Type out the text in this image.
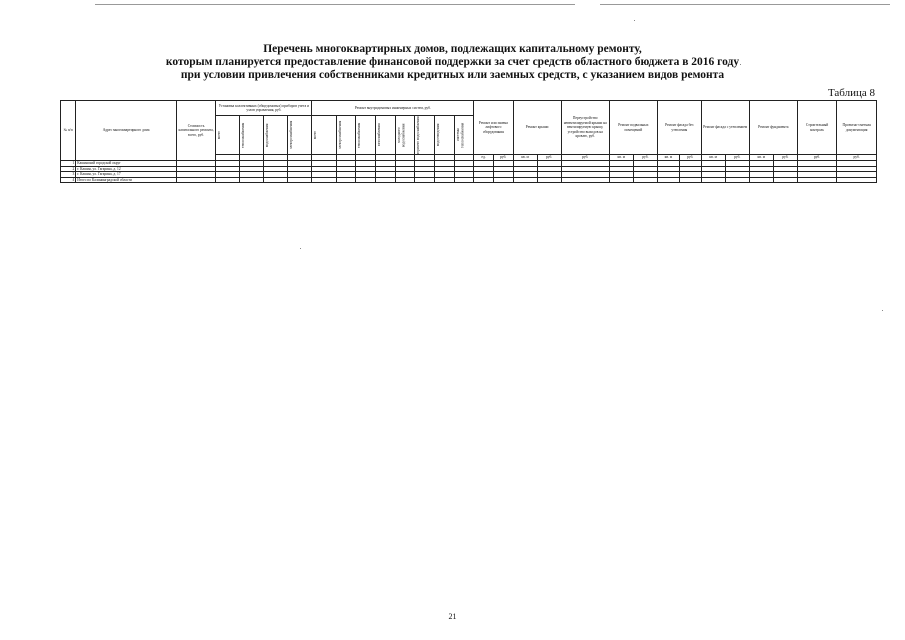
Перечень многоквартирных домов, подлежащих капитальному ремонту,
которым планируется предоставление финансовой поддержки за счет средств областного бюджета в 2016 году
при условии привлечения собственниками кредитных или заемных средств, с указанием видов ремонта
Таблица 8
№ п/п	Адрес многоквартирного дома	Стоимость капитального ремонта, всего, руб.	Установка коллективных (общедомовых) приборов учета и узлов управления, руб.				Ремонт внутридомовых инженерных систем, руб.								Ремонт или замена лифтового оборудования		Ремонт крыши		Переустройство невентилируемой крыши на вентилируемую крышу, устройство выходов на кровлю, руб.	Ремонт подвальных помещений		Ремонт фасада без утепления		Ремонт фасада с утеплением		Ремонт фундамента		Строительный контроль	Проектно-сметная документация

			всего	теплоснабжения	водоснабжения	электроснабжения	всего	электроснабжения	теплоснабжения	газоснабжения	холодного водоснабжения	горячего водоснабжения	водоотведения	системы теплоснабжения															

															ед.	руб.	кв. м	руб.	руб.	кв. м	руб.	кв. м	руб.	кв. м	руб.	кв. м	руб.	руб.	руб.
1	Кашинский городской округ																												
2	г. Кашин, ул. Гагарина, д. 12																												
3	г. Кашин, ул. Гагарина, д. 17																												
4	Итого по Калининградской области																												
21
